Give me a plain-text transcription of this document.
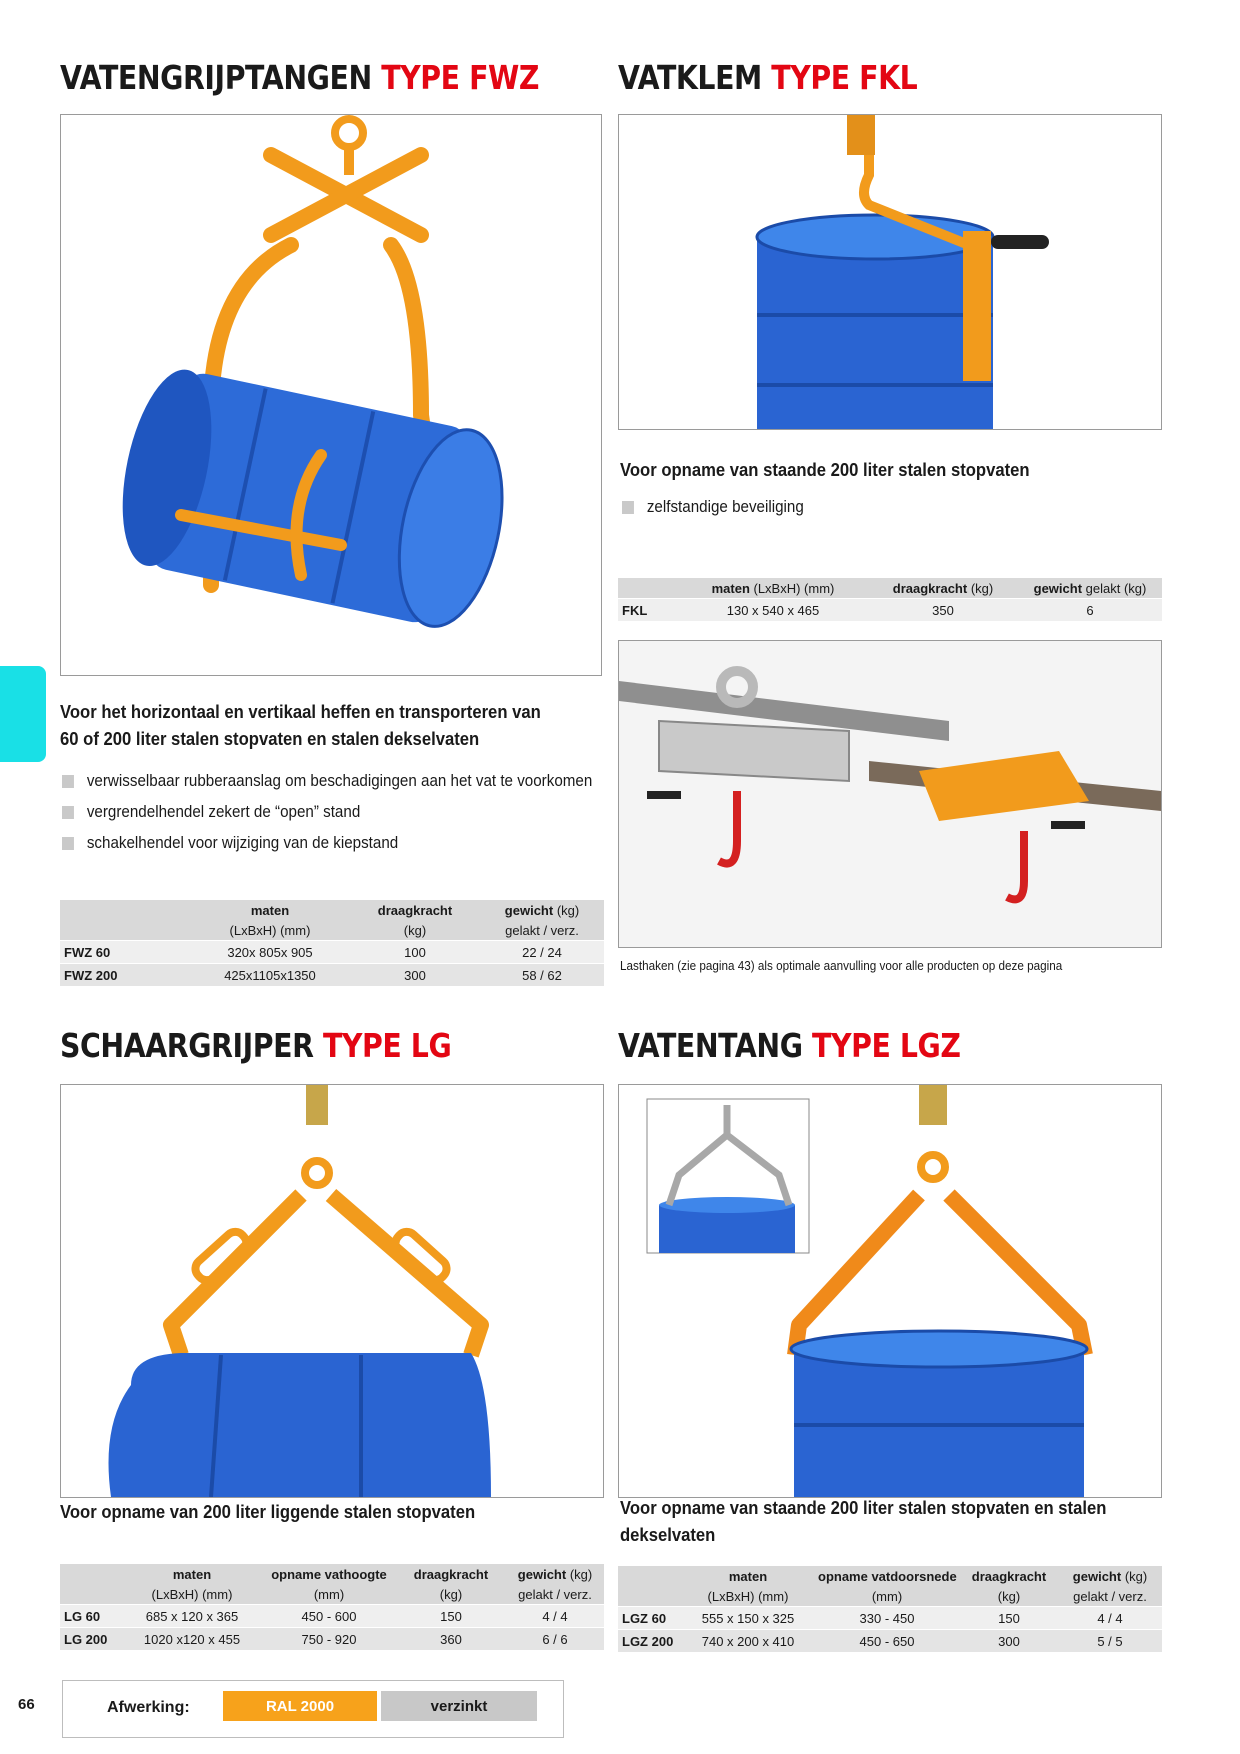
VATENGRIJPTANGEN TYPE FWZ
Voor het horizontaal en vertikaal heffen en transporteren van
60 of 200 liter stalen stopvaten en stalen dekselvaten
verwisselbaar rubberaanslag om beschadigingen aan het vat te voorkomen
vergrendelhendel zekert de “open” stand
schakelhendel voor wijziging van de kiepstand
	maten	draagkracht	gewicht (kg)
	(LxBxH) (mm)	(kg)	gelakt / verz.
FWZ 60	320x 805x 905	100	22 / 24
FWZ 200	425x1105x1350	300	58 / 62
VATKLEM TYPE FKL
Voor opname van staande 200 liter stalen stopvaten
zelfstandige beveiliging
	maten (LxBxH) (mm)	draagkracht (kg)	gewicht gelakt (kg)
FKL	130 x 540 x 465	350	6
Lasthaken (zie pagina 43) als optimale aanvulling voor alle producten op deze pagina
SCHAARGRIJPER TYPE LG
Voor opname van 200 liter liggende stalen stopvaten
	maten	opname vathoogte	draagkracht	gewicht (kg)
	(LxBxH) (mm)	(mm)	(kg)	gelakt / verz.
LG 60	685 x 120 x 365	450 - 600	150	4 / 4
LG 200	1020 x120 x 455	750 - 920	360	6 / 6
VATENTANG TYPE LGZ
Voor opname van staande 200 liter stalen stopvaten en stalen
dekselvaten
	maten	opname vatdoorsnede	draagkracht	gewicht (kg)
	(LxBxH) (mm)	(mm)	(kg)	gelakt / verz.
LGZ 60	555 x 150 x 325	330 - 450	150	4 / 4
LGZ 200	740 x 200 x 410	450 - 650	300	5 / 5
66	Afwerking:	RAL 2000	verzinkt
